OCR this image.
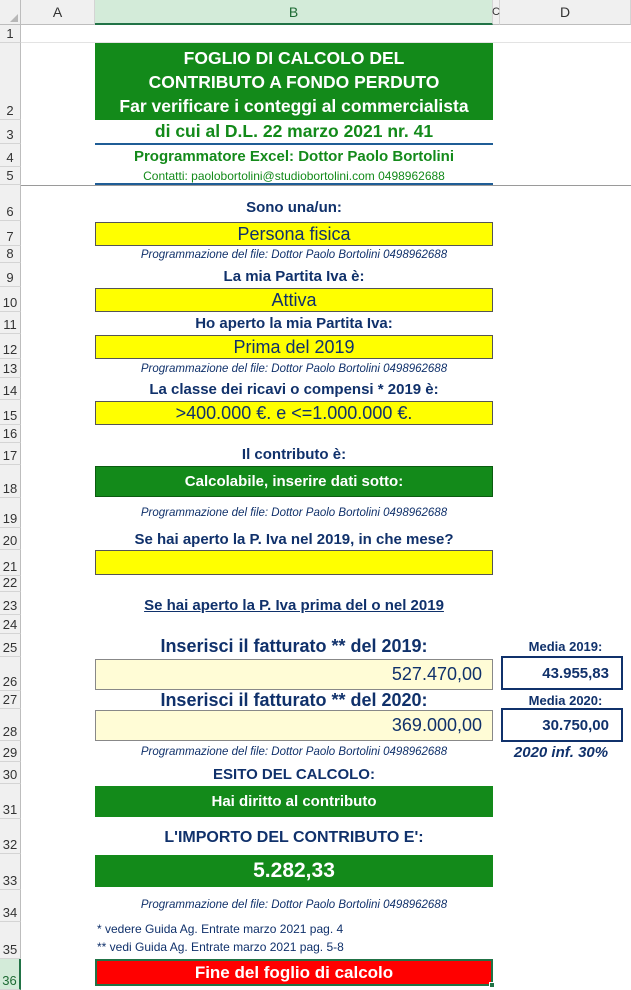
A	B	C	D
1
2
3
4
5
6
7
8
9
10
11
12
13
14
15
16
17
18
19
20
21
22
23
24
25
26
27
28
29
30
31
32
33
34
35
36
FOGLIO DI CALCOLO DEL
CONTRIBUTO A FONDO PERDUTO
Far verificare i conteggi al commercialista
di cui al D.L. 22 marzo 2021 nr. 41
Programmatore Excel: Dottor Paolo Bortolini
Contatti: paolobortolini@studiobortolini.com 0498962688
Sono una/un:
Persona fisica
Programmazione del file: Dottor Paolo Bortolini 0498962688
La mia Partita Iva è:
Attiva
Ho aperto la mia Partita Iva:
Prima del 2019
Programmazione del file: Dottor Paolo Bortolini 0498962688
La classe dei ricavi o compensi * 2019 è:
>400.000 €. e <=1.000.000 €.
Il contributo è:
Calcolabile, inserire dati sotto:
Programmazione del file: Dottor Paolo Bortolini 0498962688
Se hai aperto la P. Iva nel 2019, in che mese?
Se hai aperto la P. Iva prima del o nel 2019
Inserisci il fatturato ** del 2019:
527.470,00
Media 2019:
43.955,83
Inserisci il fatturato ** del 2020:
369.000,00
Media 2020:
30.750,00
Programmazione del file: Dottor Paolo Bortolini 0498962688	2020 inf. 30%
ESITO DEL CALCOLO:
Hai diritto al contributo
L'IMPORTO DEL CONTRIBUTO E':
5.282,33
Programmazione del file: Dottor Paolo Bortolini 0498962688
* vedere Guida Ag. Entrate marzo 2021 pag. 4
** vedi Guida Ag. Entrate marzo 2021 pag. 5-8
Fine del foglio di calcolo
